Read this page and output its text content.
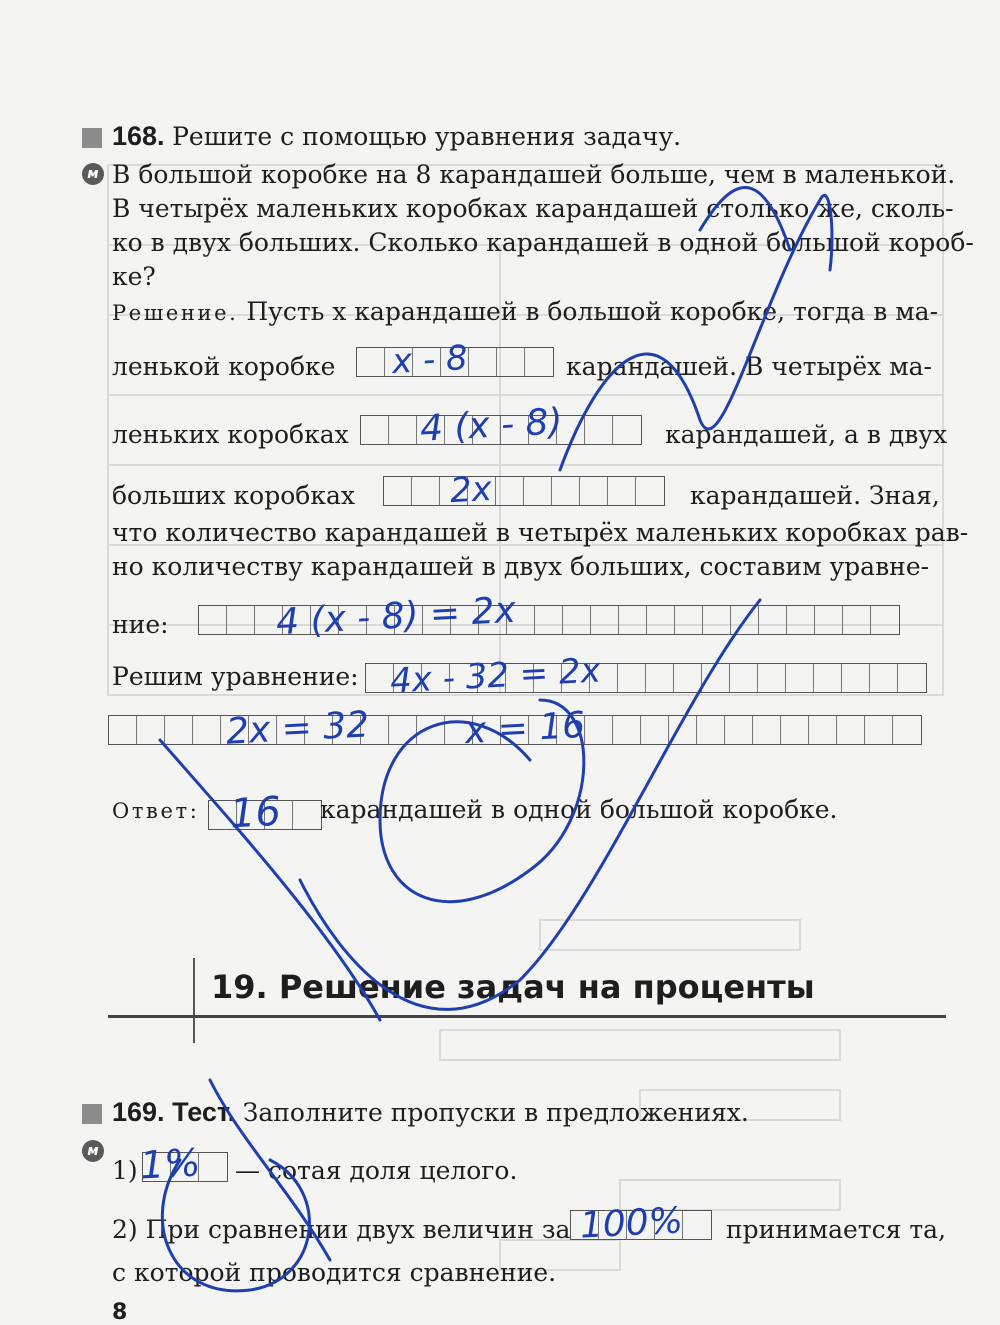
168. Решите с помощью уравнения задачу.
м В большой коробке на 8 карандашей больше, чем в маленькой.
В четырёх маленьких коробках карандашей столько же, сколь-
ко в двух больших. Сколько карандашей в одной большой короб-
ке?
Решение. Пусть x карандашей в большой коробке, тогда в ма-
ленькой коробке	карандашей. В четырёх ма-
леньких коробках	карандашей, а в двух
больших коробках	карандашей. Зная,
что количество карандашей в четырёх маленьких коробках рав-
но количеству карандашей в двух больших, составим уравне-
ние:
Решим уравнение:
Ответ:	карандашей в одной большой коробке.
19. Решение задач на проценты
169. Тест. Заполните пропуски в предложениях.
м
1)	— сотая доля целого.
2) При сравнении двух величин за	принимается та,
с которой проводится сравнение.
8
x - 8
4 (x - 8)
2x
4 (x - 8) = 2x
4x - 32 = 2x
2x = 32	x = 16
16
1%
100%
